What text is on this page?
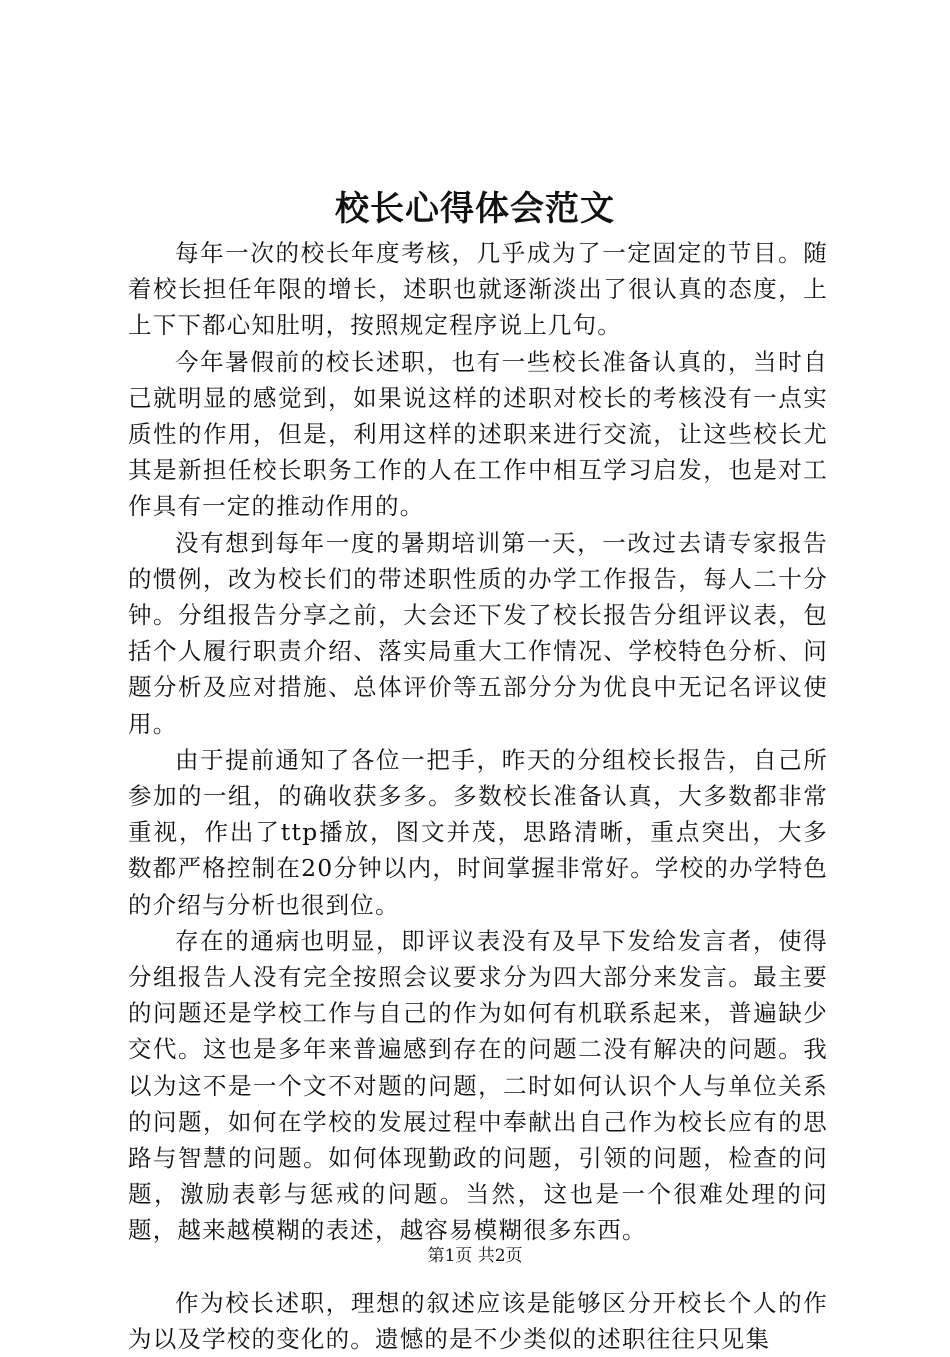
校长心得体会范文

每年一次的校长年度考核，几乎成为了一定固定的节目。随着校长担任年限的增长，述职也就逐渐淡出了很认真的态度，上上下下都心知肚明，按照规定程序说上几句。

今年暑假前的校长述职，也有一些校长准备认真的，当时自己就明显的感觉到，如果说这样的述职对校长的考核没有一点实质性的作用，但是，利用这样的述职来进行交流，让这些校长尤其是新担任校长职务工作的人在工作中相互学习启发，也是对工作具有一定的推动作用的。

没有想到每年一度的暑期培训第一天，一改过去请专家报告的惯例，改为校长们的带述职性质的办学工作报告，每人二十分钟。分组报告分享之前，大会还下发了校长报告分组评议表，包括个人履行职责介绍、落实局重大工作情况、学校特色分析、问题分析及应对措施、总体评价等五部分分为优良中无记名评议使用。

由于提前通知了各位一把手，昨天的分组校长报告，自己所参加的一组，的确收获多多。多数校长准备认真，大多数都非常重视，作出了ttp播放，图文并茂，思路清晰，重点突出，大多数都严格控制在20分钟以内，时间掌握非常好。学校的办学特色的介绍与分析也很到位。

存在的通病也明显，即评议表没有及早下发给发言者，使得分组报告人没有完全按照会议要求分为四大部分来发言。最主要的问题还是学校工作与自己的作为如何有机联系起来，普遍缺少交代。这也是多年来普遍感到存在的问题二没有解决的问题。我以为这不是一个文不对题的问题，二时如何认识个人与单位关系的问题，如何在学校的发展过程中奉献出自己作为校长应有的思路与智慧的问题。如何体现勤政的问题，引领的问题，检查的问题，激励表彰与惩戒的问题。当然，这也是一个很难处理的问题，越来越模糊的表述，越容易模糊很多东西。

作为校长述职，理想的叙述应该是能够区分开校长个人的作为以及学校的变化的。遗憾的是不少类似的述职往往只见集

第1页 共2页
